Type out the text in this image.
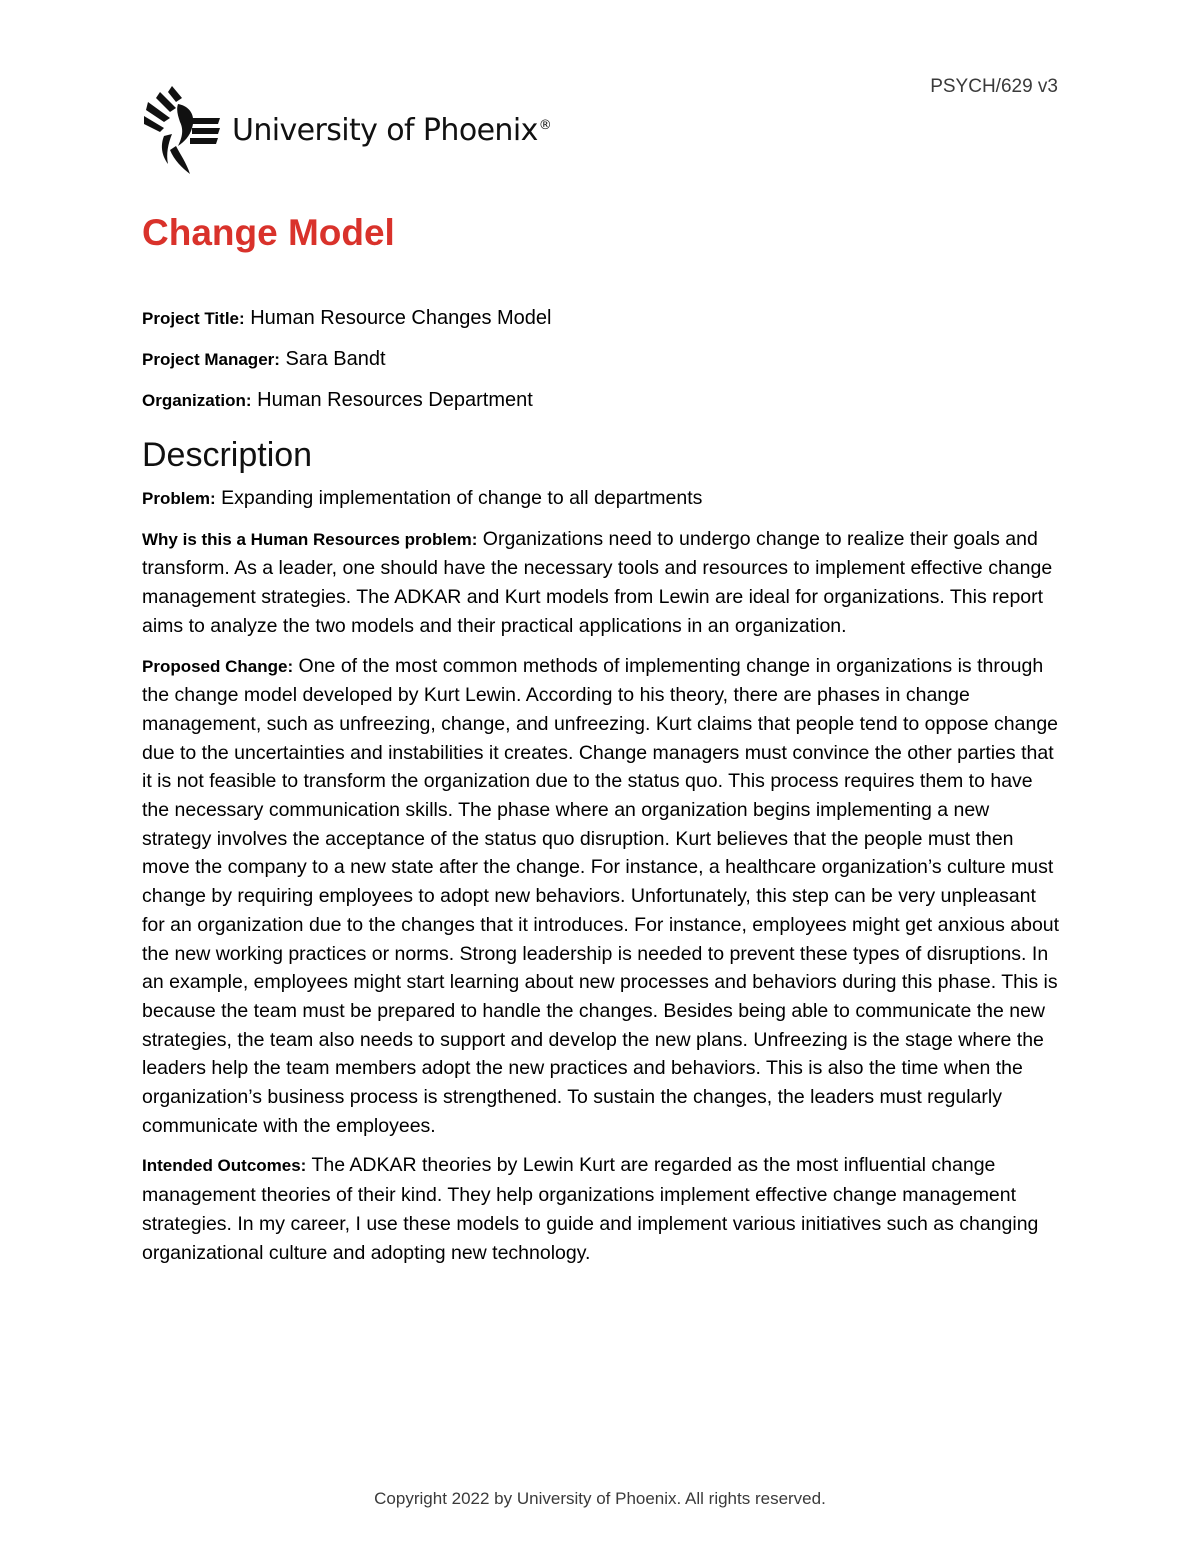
PSYCH/629 v3
University of Phoenix®
Change Model

Project Title: Human Resource Changes Model

Project Manager: Sara Bandt

Organization: Human Resources Department

Description

Problem: Expanding implementation of change to all departments

Why is this a Human Resources problem: Organizations need to undergo change to realize their goals and transform. As a leader, one should have the necessary tools and resources to implement effective change management strategies. The ADKAR and Kurt models from Lewin are ideal for organizations. This report aims to analyze the two models and their practical applications in an organization.

Proposed Change: One of the most common methods of implementing change in organizations is through the change model developed by Kurt Lewin. According to his theory, there are phases in change management, such as unfreezing, change, and unfreezing. Kurt claims that people tend to oppose change due to the uncertainties and instabilities it creates. Change managers must convince the other parties that it is not feasible to transform the organization due to the status quo. This process requires them to have the necessary communication skills. The phase where an organization begins implementing a new strategy involves the acceptance of the status quo disruption. Kurt believes that the people must then move the company to a new state after the change. For instance, a healthcare organization’s culture must change by requiring employees to adopt new behaviors. Unfortunately, this step can be very unpleasant for an organization due to the changes that it introduces. For instance, employees might get anxious about the new working practices or norms. Strong leadership is needed to prevent these types of disruptions. In an example, employees might start learning about new processes and behaviors during this phase. This is because the team must be prepared to handle the changes. Besides being able to communicate the new strategies, the team also needs to support and develop the new plans. Unfreezing is the stage where the leaders help the team members adopt the new practices and behaviors. This is also the time when the organization’s business process is strengthened. To sustain the changes, the leaders must regularly communicate with the employees.

Intended Outcomes: The ADKAR theories by Lewin Kurt are regarded as the most influential change management theories of their kind. They help organizations implement effective change management strategies. In my career, I use these models to guide and implement various initiatives such as changing organizational culture and adopting new technology.

Copyright 2022 by University of Phoenix. All rights reserved.
